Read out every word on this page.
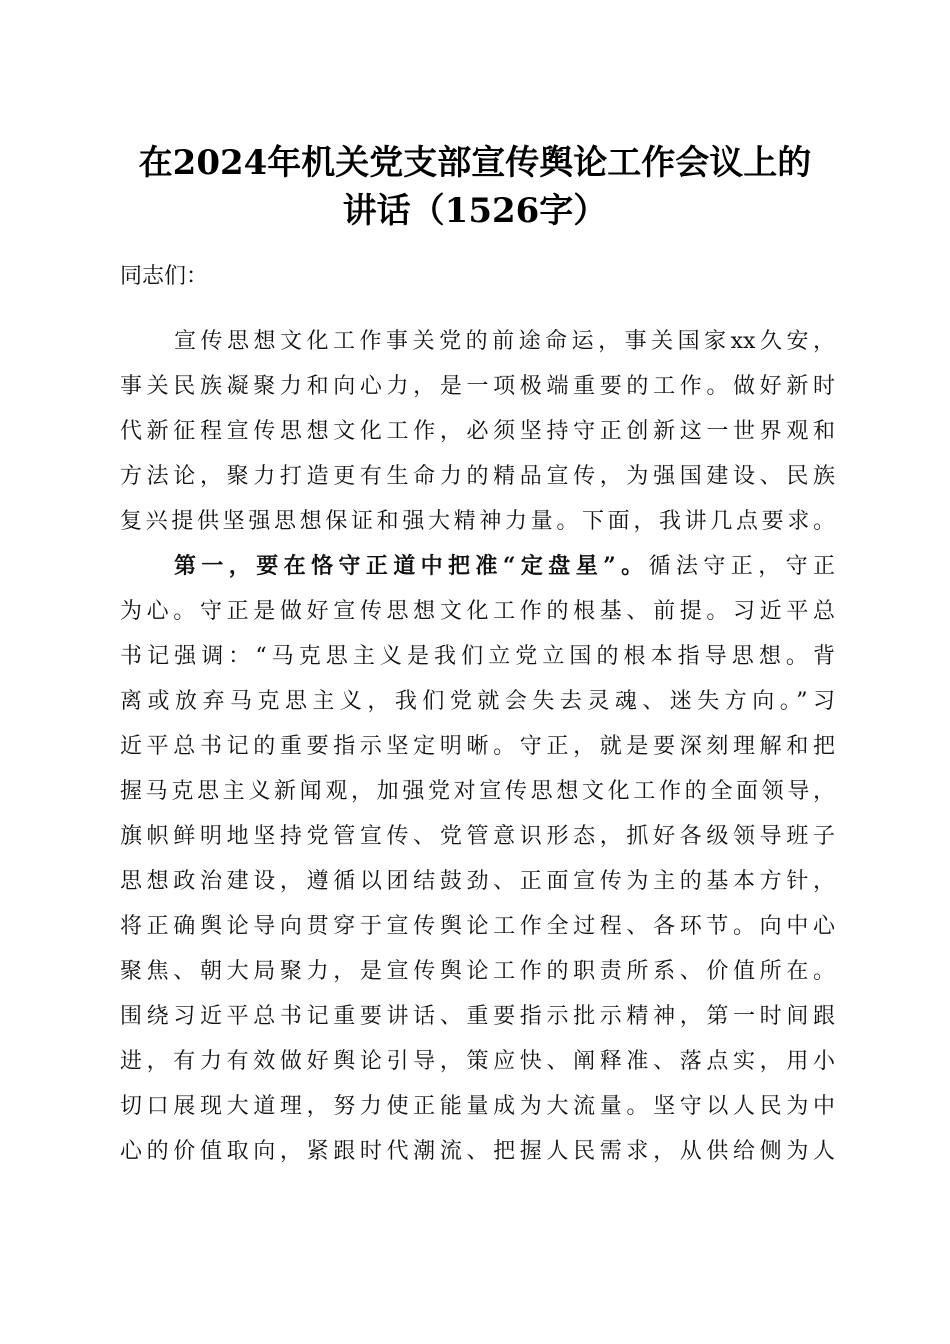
在2024年机关党支部宣传舆论工作会议上的
讲话（1526字）
同志们：
宣传思想文化工作事关党的前途命运，事关国家xx久安，
事关民族凝聚力和向心力，是一项极端重要的工作。做好新时
代新征程宣传思想文化工作，必须坚持守正创新这一世界观和
方法论，聚力打造更有生命力的精品宣传，为强国建设、民族
复兴提供坚强思想保证和强大精神力量。下面，我讲几点要求。
第一，要在恪守正道中把准“定盘星”。循法守正，守正
为心。守正是做好宣传思想文化工作的根基、前提。习近平总
书记强调：“马克思主义是我们立党立国的根本指导思想。背
离或放弃马克思主义，我们党就会失去灵魂、迷失方向。”习
近平总书记的重要指示坚定明晰。守正，就是要深刻理解和把
握马克思主义新闻观，加强党对宣传思想文化工作的全面领导，
旗帜鲜明地坚持党管宣传、党管意识形态，抓好各级领导班子
思想政治建设，遵循以团结鼓劲、正面宣传为主的基本方针，
将正确舆论导向贯穿于宣传舆论工作全过程、各环节。向中心
聚焦、朝大局聚力，是宣传舆论工作的职责所系、价值所在。
围绕习近平总书记重要讲话、重要指示批示精神，第一时间跟
进，有力有效做好舆论引导，策应快、阐释准、落点实，用小
切口展现大道理，努力使正能量成为大流量。坚守以人民为中
心的价值取向，紧跟时代潮流、把握人民需求，从供给侧为人
